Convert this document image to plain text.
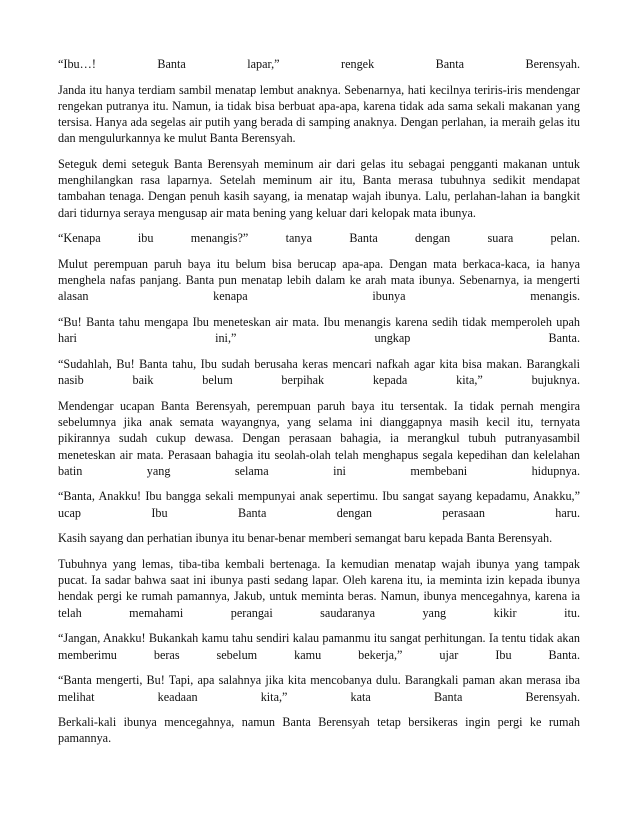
“Ibu…! Banta lapar,” rengek Banta Berensyah.

Janda itu hanya terdiam sambil menatap lembut anaknya. Sebenarnya, hati kecilnya teriris-iris mendengar rengekan putranya itu. Namun, ia tidak bisa berbuat apa-apa, karena tidak ada sama sekali makanan yang tersisa. Hanya ada segelas air putih yang berada di samping anaknya. Dengan perlahan, ia meraih gelas itu dan mengulurkannya ke mulut Banta Berensyah.

Seteguk demi seteguk Banta Berensyah meminum air dari gelas itu sebagai pengganti makanan untuk menghilangkan rasa laparnya. Setelah meminum air itu, Banta merasa tubuhnya sedikit mendapat tambahan tenaga. Dengan penuh kasih sayang, ia menatap wajah ibunya. Lalu, perlahan-lahan ia bangkit dari tidurnya seraya mengusap air mata bening yang keluar dari kelopak mata ibunya.

“Kenapa ibu menangis?” tanya Banta dengan suara pelan.

Mulut perempuan paruh baya itu belum bisa berucap apa-apa. Dengan mata berkaca-kaca, ia hanya menghela nafas panjang. Banta pun menatap lebih dalam ke arah mata ibunya. Sebenarnya, ia mengerti alasan kenapa ibunya menangis.

“Bu! Banta tahu mengapa Ibu meneteskan air mata. Ibu menangis karena sedih tidak memperoleh upah hari ini,” ungkap Banta.

“Sudahlah, Bu! Banta tahu, Ibu sudah berusaha keras mencari nafkah agar kita bisa makan. Barangkali nasib baik belum berpihak kepada kita,” bujuknya.

Mendengar ucapan Banta Berensyah, perempuan paruh baya itu tersentak. Ia tidak pernah mengira sebelumnya jika anak semata wayangnya, yang selama ini dianggapnya masih kecil itu, ternyata pikirannya sudah cukup dewasa. Dengan perasaan bahagia, ia merangkul tubuh putranyasambil meneteskan air mata. Perasaan bahagia itu seolah-olah telah menghapus segala kepedihan dan kelelahan batin yang selama ini membebani hidupnya.

“Banta, Anakku! Ibu bangga sekali mempunyai anak sepertimu. Ibu sangat sayang kepadamu, Anakku,” ucap Ibu Banta dengan perasaan haru.

Kasih sayang dan perhatian ibunya itu benar-benar memberi semangat baru kepada Banta Berensyah.

Tubuhnya yang lemas, tiba-tiba kembali bertenaga. Ia kemudian menatap wajah ibunya yang tampak pucat. Ia sadar bahwa saat ini ibunya pasti sedang lapar. Oleh karena itu, ia meminta izin kepada ibunya hendak pergi ke rumah pamannya, Jakub, untuk meminta beras. Namun, ibunya mencegahnya, karena ia telah memahami perangai saudaranya yang kikir itu.

“Jangan, Anakku! Bukankah kamu tahu sendiri kalau pamanmu itu sangat perhitungan. Ia tentu tidak akan memberimu beras sebelum kamu bekerja,” ujar Ibu Banta.

“Banta mengerti, Bu! Tapi, apa salahnya jika kita mencobanya dulu. Barangkali paman akan merasa iba melihat keadaan kita,” kata Banta Berensyah.

Berkali-kali ibunya mencegahnya, namun Banta Berensyah tetap bersikeras ingin pergi ke rumah pamannya.
